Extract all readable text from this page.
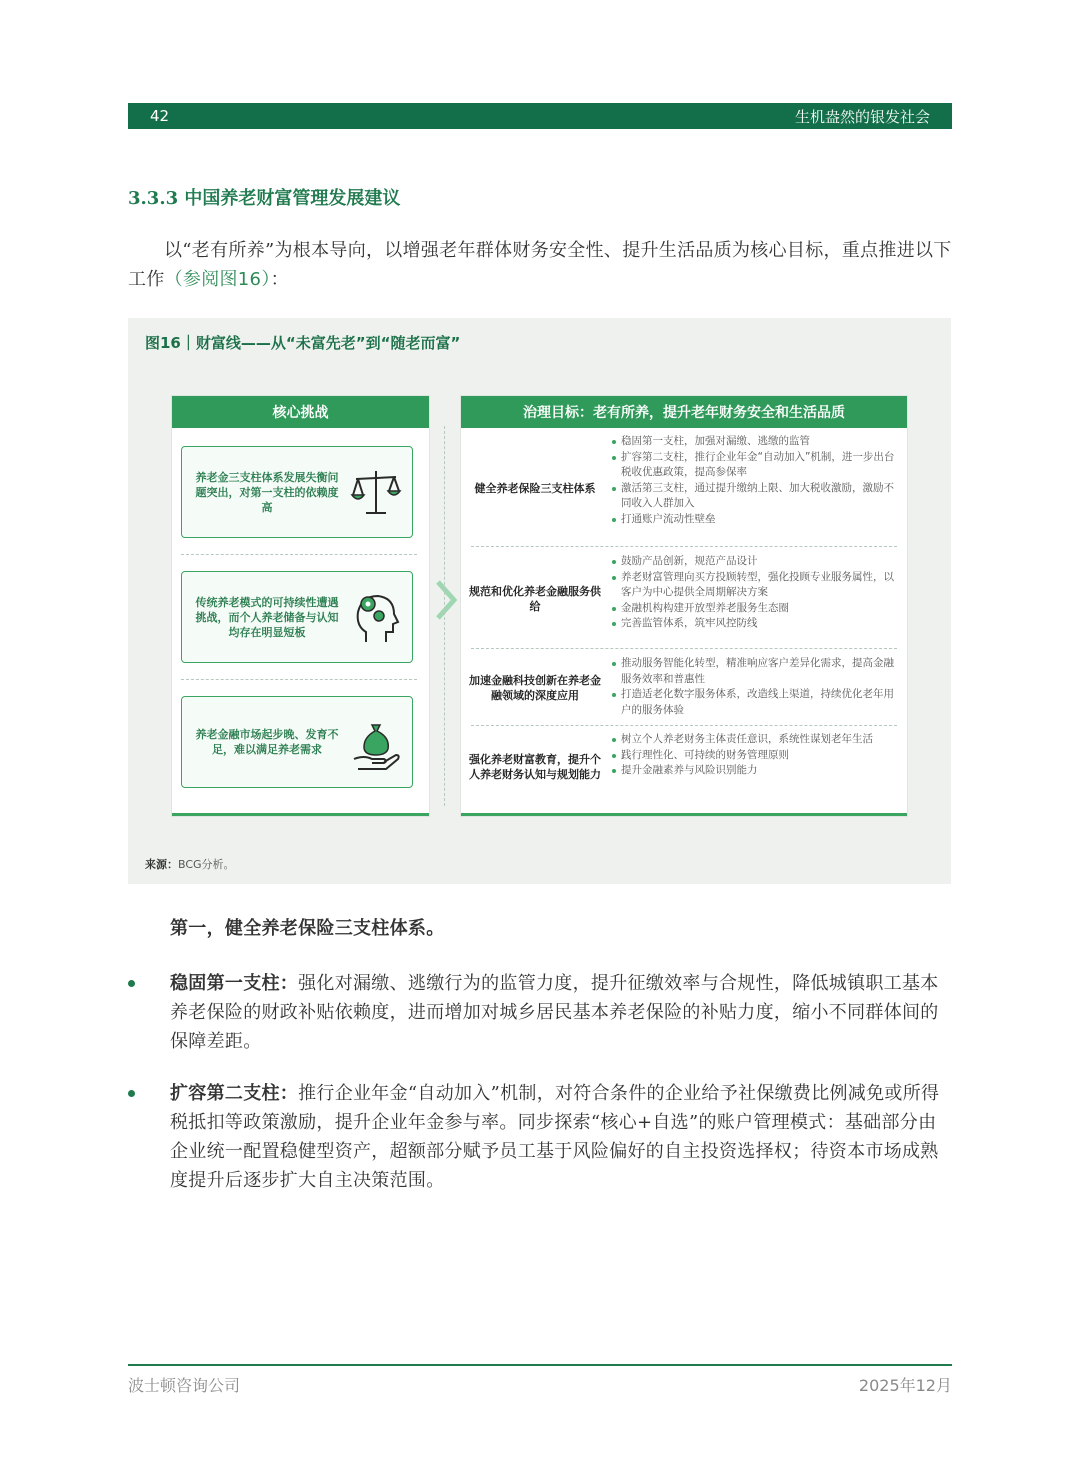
42	生机盎然的银发社会
3.3.3 中国养老财富管理发展建议
以“老有所养”为根本导向，以增强老年群体财务安全性、提升生活品质为核心目标，重点推进以下工作（参阅图16）：
图16｜财富线——从“未富先老”到“随老而富”
核心挑战
养老金三支柱体系发展失衡问题突出，对第一支柱的依赖度高
传统养老模式的可持续性遭遇挑战，而个人养老储备与认知均存在明显短板
养老金融市场起步晚、发育不足，难以满足养老需求
治理目标：老有所养，提升老年财务安全和生活品质
健全养老保险三支柱体系
稳固第一支柱，加强对漏缴、逃缴的监管
扩容第二支柱，推行企业年金“自动加入”机制，进一步出台税收优惠政策，提高参保率
激活第三支柱，通过提升缴纳上限、加大税收激励，激励不同收入人群加入
打通账户流动性壁垒
规范和优化养老金融服务供给
鼓励产品创新，规范产品设计
养老财富管理向买方投顾转型，强化投顾专业服务属性，以客户为中心提供全周期解决方案
金融机构构建开放型养老服务生态圈
完善监管体系，筑牢风控防线
加速金融科技创新在养老金融领域的深度应用
推动服务智能化转型，精准响应客户差异化需求，提高金融服务效率和普惠性
打造适老化数字服务体系，改造线上渠道，持续优化老年用户的服务体验
强化养老财富教育，提升个人养老财务认知与规划能力
树立个人养老财务主体责任意识，系统性谋划老年生活
践行理性化、可持续的财务管理原则
提升金融素养与风险识别能力
来源：BCG分析。
第一，健全养老保险三支柱体系。
稳固第一支柱：强化对漏缴、逃缴行为的监管力度，提升征缴效率与合规性，降低城镇职工基本养老保险的财政补贴依赖度，进而增加对城乡居民基本养老保险的补贴力度，缩小不同群体间的保障差距。
扩容第二支柱：推行企业年金“自动加入”机制，对符合条件的企业给予社保缴费比例减免或所得税抵扣等政策激励，提升企业年金参与率。同步探索“核心+自选”的账户管理模式：基础部分由企业统一配置稳健型资产，超额部分赋予员工基于风险偏好的自主投资选择权；待资本市场成熟度提升后逐步扩大自主决策范围。
波士顿咨询公司	2025年12月
